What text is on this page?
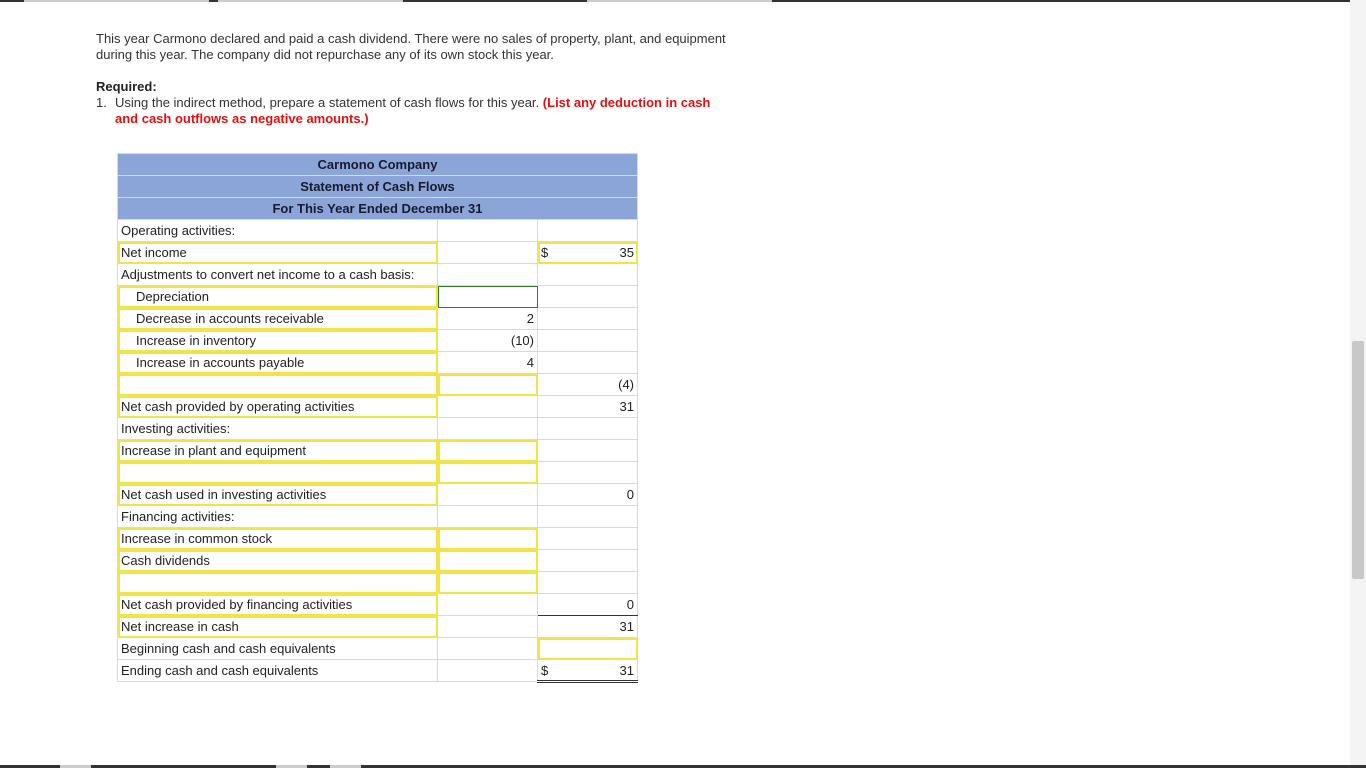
This year Carmono declared and paid a cash dividend. There were no sales of property, plant, and equipment during this year. The company did not repurchase any of its own stock this year.

Required:
1. Using the indirect method, prepare a statement of cash flows for this year. (List any deduction in cash and cash outflows as negative amounts.)
Carmono Company		
Statement of Cash Flows		
For This Year Ended December 31		
Operating activities:		
Net income		$ 35

Adjustments to convert net income to a cash basis:		
Depreciation		
Decrease in accounts receivable	2	
Increase in inventory	(10)	
Increase in accounts payable	4	
		(4)
Net cash provided by operating activities		31
Investing activities:		
Increase in plant and equipment		

Net cash used in investing activities		0
Financing activities:		
Increase in common stock		
Cash dividends		

Net cash provided by financing activities		0
Net increase in cash		31
Beginning cash and cash equivalents		
Ending cash and cash equivalents		$ 31
